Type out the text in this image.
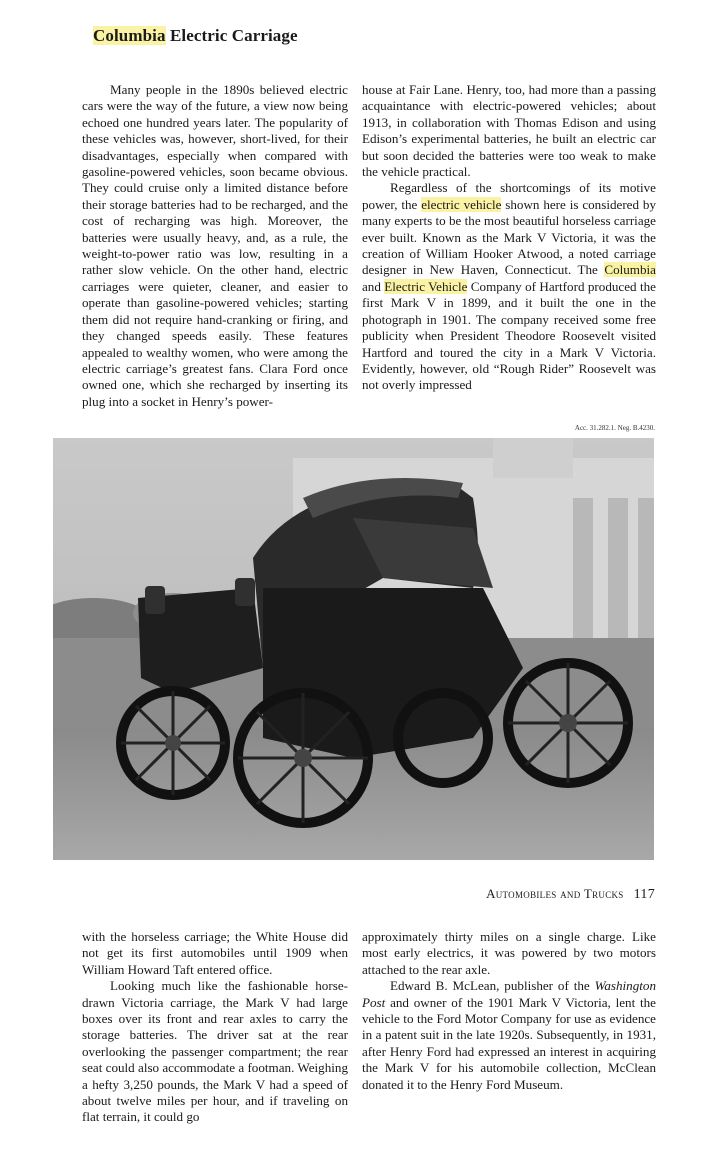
Columbia Electric Carriage

Many people in the 1890s believed electric cars were the way of the future, a view now being echoed one hundred years later. The popularity of these vehicles was, however, short-lived, for their disadvantages, especially when compared with gasoline-powered vehicles, soon became obvious. They could cruise only a limited distance before their storage batteries had to be recharged, and the cost of recharging was high. Moreover, the batteries were usually heavy, and, as a rule, the weight-to-power ratio was low, resulting in a rather slow vehicle. On the other hand, electric carriages were quieter, cleaner, and easier to operate than gasoline-powered vehicles; starting them did not require hand-cranking or firing, and they changed speeds easily. These features appealed to wealthy women, who were among the electric carriage’s greatest fans. Clara Ford once owned one, which she recharged by inserting its plug into a socket in Henry’s power-

house at Fair Lane. Henry, too, had more than a passing acquaintance with electric-powered vehicles; about 1913, in collaboration with Thomas Edison and using Edison’s experimental batteries, he built an electric car but soon decided the batteries were too weak to make the vehicle practical.

Regardless of the shortcomings of its motive power, the electric vehicle shown here is considered by many experts to be the most beautiful horseless carriage ever built. Known as the Mark V Victoria, it was the creation of William Hooker Atwood, a noted carriage designer in New Haven, Connecticut. The Columbia and Electric Vehicle Company of Hartford produced the first Mark V in 1899, and it built the one in the photograph in 1901. The company received some free publicity when President Theodore Roosevelt visited Hartford and toured the city in a Mark V Victoria. Evidently, however, old “Rough Rider” Roosevelt was not overly impressed

Acc. 31.282.1. Neg. B.4230.
Automobiles and Trucks 117

with the horseless carriage; the White House did not get its first automobiles until 1909 when William Howard Taft entered office.

Looking much like the fashionable horse-drawn Victoria carriage, the Mark V had large boxes over its front and rear axles to carry the storage batteries. The driver sat at the rear overlooking the passenger compartment; the rear seat could also accommodate a footman. Weighing a hefty 3,250 pounds, the Mark V had a speed of about twelve miles per hour, and if traveling on flat terrain, it could go

approximately thirty miles on a single charge. Like most early electrics, it was powered by two motors attached to the rear axle.

Edward B. McLean, publisher of the Washington Post and owner of the 1901 Mark V Victoria, lent the vehicle to the Ford Motor Company for use as evidence in a patent suit in the late 1920s. Subsequently, in 1931, after Henry Ford had expressed an interest in acquiring the Mark V for his automobile collection, McClean donated it to the Henry Ford Museum.
